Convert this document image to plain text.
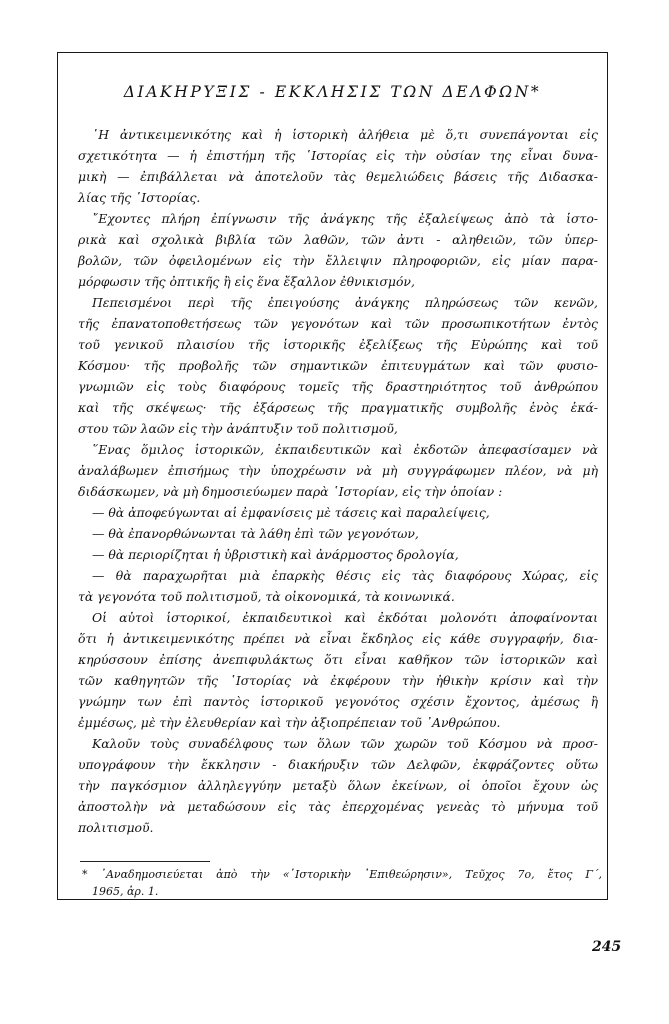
ΔΙΑΚΗΡΥΞΙΣ - ΕΚΚΛΗΣΙΣ ΤΩΝ ΔΕΛΦΩΝ*
῾Η ἀντικειμενικότης καὶ ἡ ἱστορικὴ ἀλήθεια μὲ ὅ,τι συνεπάγονται εἰς
σχετικότητα — ἡ ἐπιστήμη τῆς ῾Ιστορίας εἰς τὴν οὐσίαν της εἶναι δυνα-
μικὴ — ἐπιβάλλεται νὰ ἀποτελοῦν τὰς θεμελιώδεις βάσεις τῆς Διδασκα-
λίας τῆς ῾Ιστορίας.
῎Εχοντες πλήρη ἐπίγνωσιν τῆς ἀνάγκης τῆς ἐξαλείψεως ἀπὸ τὰ ἱστο-
ρικὰ καὶ σχολικὰ βιβλία τῶν λαθῶν, τῶν ἀντι - αληθειῶν, τῶν ὑπερ-
βολῶν, τῶν ὀφειλομένων εἰς τὴν ἔλλειψιν πληροφοριῶν, εἰς μίαν παρα-
μόρφωσιν τῆς ὀπτικῆς ἢ εἰς ἕνα ἔξαλλον ἐθνικισμόν,
Πεπεισμένοι περὶ τῆς ἐπειγούσης ἀνάγκης πληρώσεως τῶν κενῶν,
τῆς ἐπανατοποθετήσεως τῶν γεγονότων καὶ τῶν προσωπικοτήτων ἐντὸς
τοῦ γενικοῦ πλαισίου τῆς ἱστορικῆς ἐξελίξεως τῆς Εὐρώπης καὶ τοῦ
Κόσμου· τῆς προβολῆς τῶν σημαντικῶν ἐπιτευγμάτων καὶ τῶν φυσιο-
γνωμιῶν εἰς τοὺς διαφόρους τομεῖς τῆς δραστηριότητος τοῦ ἀνθρώπου
καὶ τῆς σκέψεως· τῆς ἐξάρσεως τῆς πραγματικῆς συμβολῆς ἑνὸς ἑκά-
στου τῶν λαῶν εἰς τὴν ἀνάπτυξιν τοῦ πολιτισμοῦ,
῞Ενας ὅμιλος ἱστορικῶν, ἐκπαιδευτικῶν καὶ ἐκδοτῶν ἀπεφασίσαμεν νὰ
ἀναλάβωμεν ἐπισήμως τὴν ὑποχρέωσιν νὰ μὴ συγγράφωμεν πλέον, νὰ μὴ
διδάσκωμεν, νὰ μὴ δημοσιεύωμεν παρὰ ῾Ιστορίαν, εἰς τὴν ὁποίαν :
— θὰ ἀποφεύγωνται αἱ ἐμφανίσεις μὲ τάσεις καὶ παραλείψεις,
— θὰ ἐπανορθώνωνται τὰ λάθη ἐπὶ τῶν γεγονότων,
— θὰ περιορίζηται ἡ ὑβριστικὴ καὶ ἀνάρμοστος δρολογία,
— θὰ παραχωρῆται μιὰ ἐπαρκὴς θέσις εἰς τὰς διαφόρους Χώρας, εἰς
τὰ γεγονότα τοῦ πολιτισμοῦ, τὰ οἰκονομικά, τὰ κοινωνικά.
Οἱ αὐτοὶ ἱστορικοί, ἐκπαιδευτικοὶ καὶ ἐκδόται μολονότι ἀποφαίνονται
ὅτι ἡ ἀντικειμενικότης πρέπει νὰ εἶναι ἔκδηλος εἰς κάθε συγγραφήν, δια-
κηρύσσουν ἐπίσης ἀνεπιφυλάκτως ὅτι εἶναι καθῆκον τῶν ἱστορικῶν καὶ
τῶν καθηγητῶν τῆς ῾Ιστορίας νὰ ἐκφέρουν τὴν ἠθικὴν κρίσιν καὶ τὴν
γνώμην των ἐπὶ παντὸς ἱστορικοῦ γεγονότος σχέσιν ἔχοντος, ἀμέσως ἢ
ἐμμέσως, μὲ τὴν ἐλευθερίαν καὶ τὴν ἀξιοπρέπειαν τοῦ ᾽Ανθρώπου.
Καλοῦν τοὺς συναδέλφους των ὅλων τῶν χωρῶν τοῦ Κόσμου νὰ προσ-
υπογράφουν τὴν ἔκκλησιν - διακήρυξιν τῶν Δελφῶν, ἐκφράζοντες οὕτω
τὴν παγκόσμιον ἀλληλεγγύην μεταξὺ ὅλων ἐκείνων, οἱ ὁποῖοι ἔχουν ὡς
ἀποστολὴν νὰ μεταδώσουν εἰς τὰς ἐπερχομένας γενεὰς τὸ μήνυμα τοῦ
πολιτισμοῦ.
* ᾽Αναδημοσιεύεται ἀπὸ τὴν «῾Ιστορικὴν ᾽Επιθεώρησιν», Τεῦχος 7ο, ἔτος Γ´,
1965, ἀρ. 1.
245
